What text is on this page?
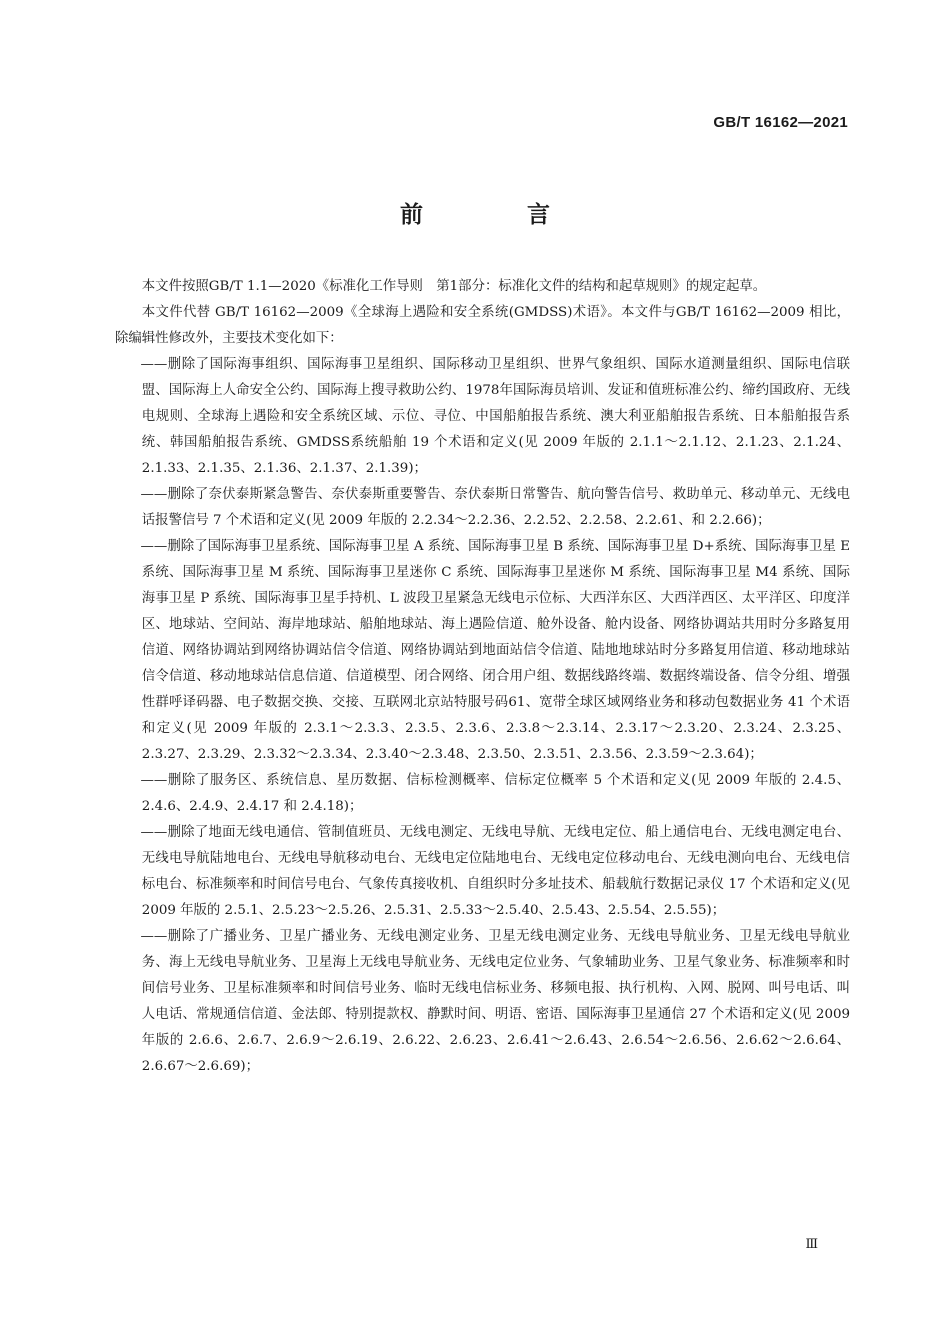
GB/T 16162—2021
前 言

本文件按照GB/T 1.1—2020《标准化工作导则　第1部分：标准化文件的结构和起草规则》的规定起草。

本文件代替 GB/T 16162—2009《全球海上遇险和安全系统(GMDSS)术语》。本文件与GB/T 16162—2009 相比，除编辑性修改外，主要技术变化如下：

——删除了国际海事组织、国际海事卫星组织、国际移动卫星组织、世界气象组织、国际水道测量组织、国际电信联盟、国际海上人命安全公约、国际海上搜寻救助公约、1978年国际海员培训、发证和值班标准公约、缔约国政府、无线电规则、全球海上遇险和安全系统区域、示位、寻位、中国船舶报告系统、澳大利亚船舶报告系统、日本船舶报告系统、韩国船舶报告系统、GMDSS系统船舶 19 个术语和定义(见 2009 年版的 2.1.1～2.1.12、2.1.23、2.1.24、2.1.33、2.1.35、2.1.36、2.1.37、2.1.39)；

——删除了奈伏泰斯紧急警告、奈伏泰斯重要警告、奈伏泰斯日常警告、航向警告信号、救助单元、移动单元、无线电话报警信号 7 个术语和定义(见 2009 年版的 2.2.34～2.2.36、2.2.52、2.2.58、2.2.61、和 2.2.66)；

——删除了国际海事卫星系统、国际海事卫星 A 系统、国际海事卫星 B 系统、国际海事卫星 D+系统、国际海事卫星 E 系统、国际海事卫星 M 系统、国际海事卫星迷你 C 系统、国际海事卫星迷你 M 系统、国际海事卫星 M4 系统、国际海事卫星 P 系统、国际海事卫星手持机、L 波段卫星紧急无线电示位标、大西洋东区、大西洋西区、太平洋区、印度洋区、地球站、空间站、海岸地球站、船舶地球站、海上遇险信道、舱外设备、舱内设备、网络协调站共用时分多路复用信道、网络协调站到网络协调站信令信道、网络协调站到地面站信令信道、陆地地球站时分多路复用信道、移动地球站信令信道、移动地球站信息信道、信道模型、闭合网络、闭合用户组、数据线路终端、数据终端设备、信令分组、增强性群呼译码器、电子数据交换、交接、互联网北京站特服号码61、宽带全球区域网络业务和移动包数据业务 41 个术语和定义(见 2009 年版的 2.3.1～2.3.3、2.3.5、2.3.6、2.3.8～2.3.14、2.3.17～2.3.20、2.3.24、2.3.25、2.3.27、2.3.29、2.3.32～2.3.34、2.3.40～2.3.48、2.3.50、2.3.51、2.3.56、2.3.59～2.3.64)；

——删除了服务区、系统信息、星历数据、信标检测概率、信标定位概率 5 个术语和定义(见 2009 年版的 2.4.5、2.4.6、2.4.9、2.4.17 和 2.4.18)；

——删除了地面无线电通信、管制值班员、无线电测定、无线电导航、无线电定位、船上通信电台、无线电测定电台、无线电导航陆地电台、无线电导航移动电台、无线电定位陆地电台、无线电定位移动电台、无线电测向电台、无线电信标电台、标准频率和时间信号电台、气象传真接收机、自组织时分多址技术、船载航行数据记录仪 17 个术语和定义(见 2009 年版的 2.5.1、2.5.23～2.5.26、2.5.31、2.5.33～2.5.40、2.5.43、2.5.54、2.5.55)；

——删除了广播业务、卫星广播业务、无线电测定业务、卫星无线电测定业务、无线电导航业务、卫星无线电导航业务、海上无线电导航业务、卫星海上无线电导航业务、无线电定位业务、气象辅助业务、卫星气象业务、标准频率和时间信号业务、卫星标准频率和时间信号业务、临时无线电信标业务、移频电报、执行机构、入网、脱网、叫号电话、叫人电话、常规通信信道、金法郎、特别提款权、静默时间、明语、密语、国际海事卫星通信 27 个术语和定义(见 2009 年版的 2.6.6、2.6.7、2.6.9～2.6.19、2.6.22、2.6.23、2.6.41～2.6.43、2.6.54～2.6.56、2.6.62～2.6.64、2.6.67～2.6.69)；

Ⅲ
